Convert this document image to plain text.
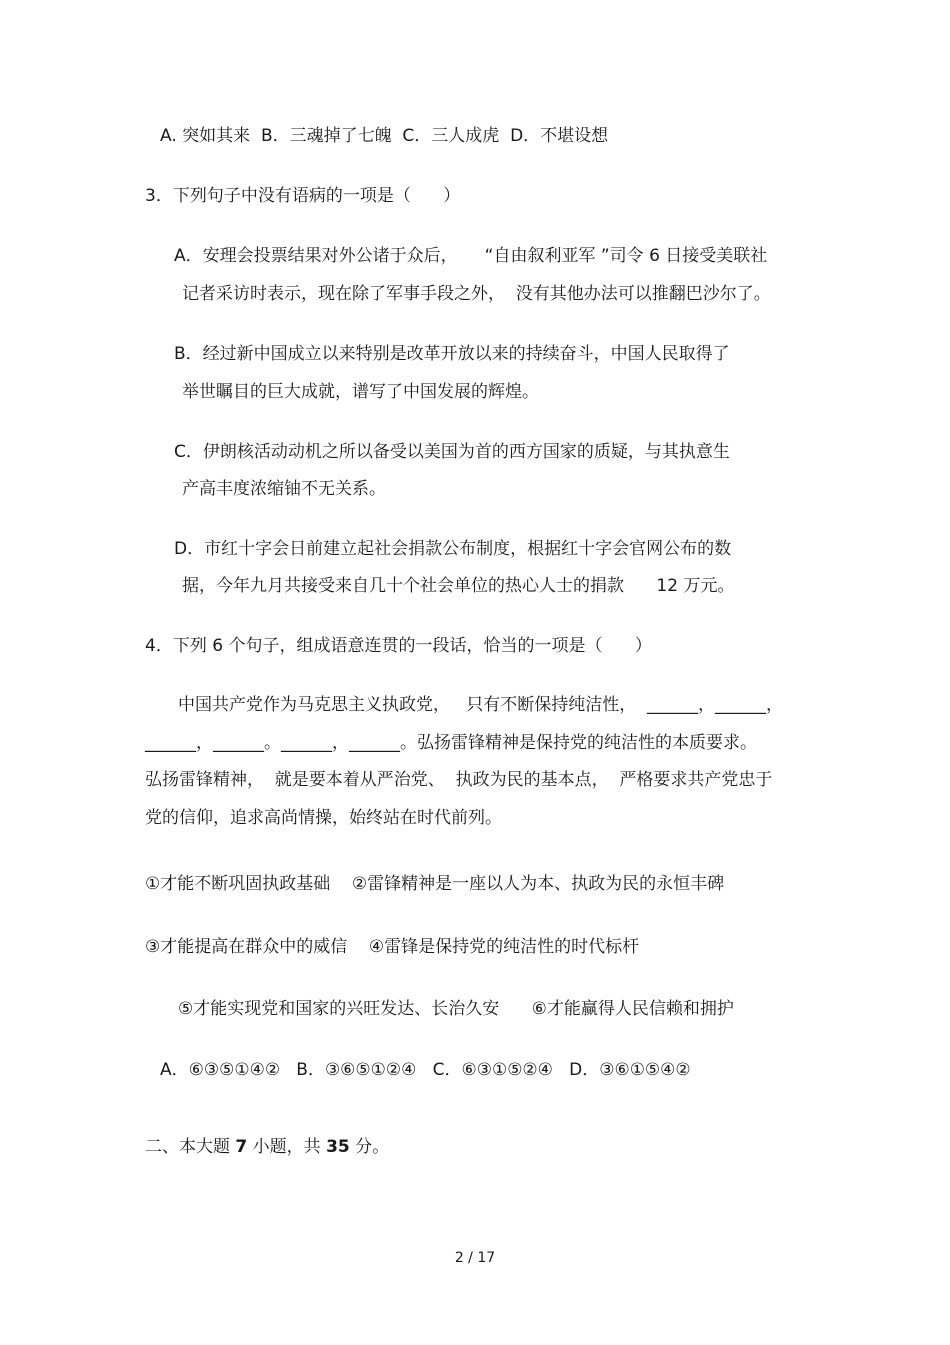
A. 突如其来  B．三魂掉了七魄  C．三人成虎  D．不堪设想
3．下列句子中没有语病的一项是（      ）
A．安理会投票结果对外公诸于众后，     “自由叙利亚军 ”司令 6 日接受美联社
记者采访时表示，现在除了军事手段之外，  没有其他办法可以推翻巴沙尔了。
B．经过新中国成立以来特别是改革开放以来的持续奋斗，中国人民取得了
举世瞩目的巨大成就，谱写了中国发展的辉煌。
C．伊朗核活动动机之所以备受以美国为首的西方国家的质疑，与其执意生
产高丰度浓缩铀不无关系。
D．市红十字会日前建立起社会捐款公布制度，根据红十字会官网公布的数
据，今年九月共接受来自几十个社会单位的热心人士的捐款      12 万元。
4．下列 6 个句子，组成语意连贯的一段话，恰当的一项是（      ）
中国共产党作为马克思主义执政党，   只有不断保持纯洁性，  ______，______，
______，______。______，______。弘扬雷锋精神是保持党的纯洁性的本质要求。
弘扬雷锋精神，  就是要本着从严治党、  执政为民的基本点，  严格要求共产党忠于
党的信仰，追求高尚情操，始终站在时代前列。
①才能不断巩固执政基础    ②雷锋精神是一座以人为本、执政为民的永恒丰碑
③才能提高在群众中的威信    ④雷锋是保持党的纯洁性的时代标杆
⑤才能实现党和国家的兴旺发达、长治久安      ⑥才能赢得人民信赖和拥护
A．⑥③⑤①④②   B．③⑥⑤①②④   C．⑥③①⑤②④   D．③⑥①⑤④②
二、本大题 7 小题，共 35 分。
2 / 17
